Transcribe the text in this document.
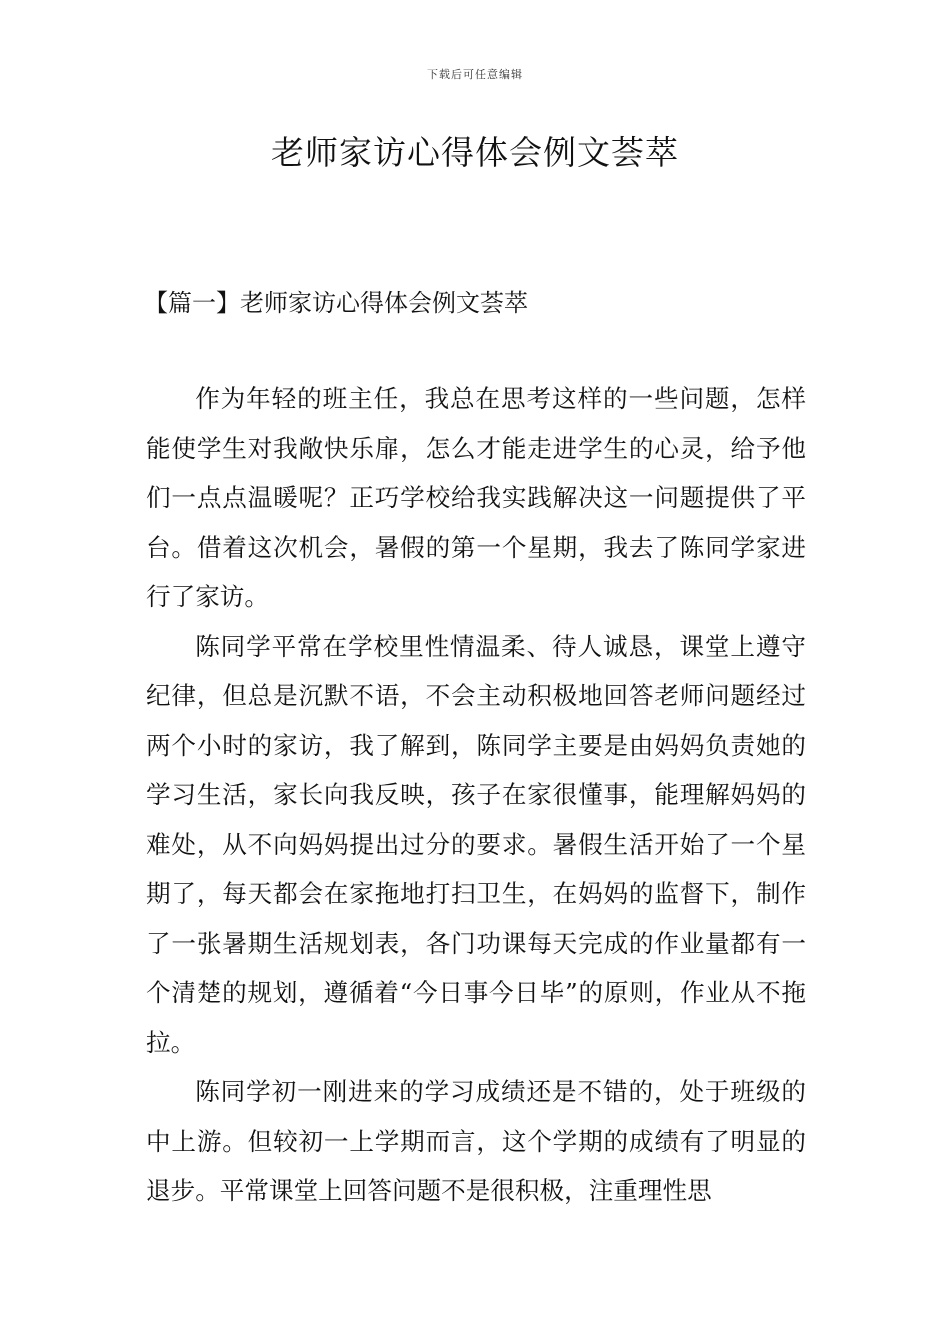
下载后可任意编辑
老师家访心得体会例文荟萃
【篇一】老师家访心得体会例文荟萃

作为年轻的班主任，我总在思考这样的一些问题，怎样能使学生对我敞快乐扉，怎么才能走进学生的心灵，给予他们一点点温暖呢？正巧学校给我实践解决这一问题提供了平台。借着这次机会，暑假的第一个星期，我去了陈同学家进行了家访。

陈同学平常在学校里性情温柔、待人诚恳，课堂上遵守纪律，但总是沉默不语，不会主动积极地回答老师问题经过两个小时的家访，我了解到，陈同学主要是由妈妈负责她的学习生活，家长向我反映，孩子在家很懂事，能理解妈妈的难处，从不向妈妈提出过分的要求。暑假生活开始了一个星期了，每天都会在家拖地打扫卫生，在妈妈的监督下，制作了一张暑期生活规划表，各门功课每天完成的作业量都有一个清楚的规划，遵循着“今日事今日毕”的原则，作业从不拖拉。

陈同学初一刚进来的学习成绩还是不错的，处于班级的中上游。但较初一上学期而言，这个学期的成绩有了明显的退步。平常课堂上回答问题不是很积极，注重理性思
